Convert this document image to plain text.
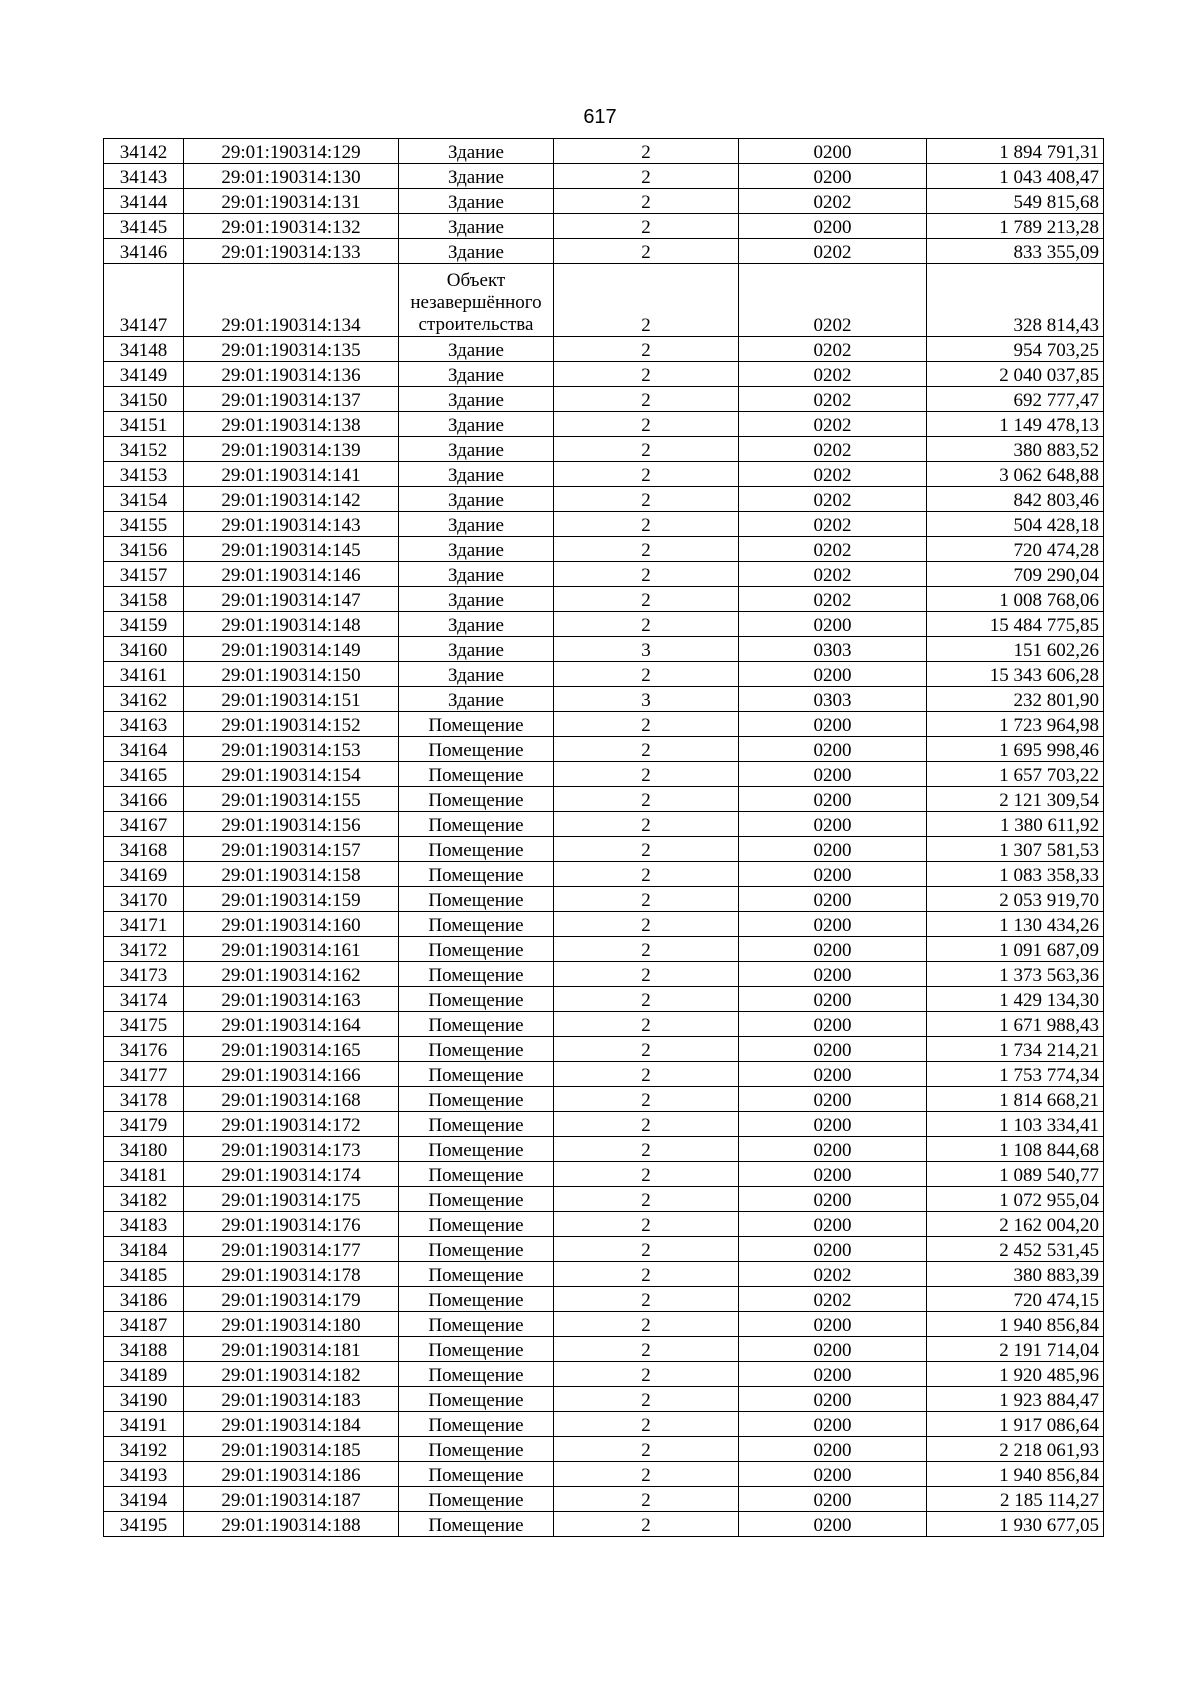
617
34142	29:01:190314:129	Здание	2	0200	1 894 791,31
34143	29:01:190314:130	Здание	2	0200	1 043 408,47
34144	29:01:190314:131	Здание	2	0202	549 815,68
34145	29:01:190314:132	Здание	2	0200	1 789 213,28
34146	29:01:190314:133	Здание	2	0202	833 355,09
34147	29:01:190314:134	Объект незавершённого строительства	2	0202	328 814,43
34148	29:01:190314:135	Здание	2	0202	954 703,25
34149	29:01:190314:136	Здание	2	0202	2 040 037,85
34150	29:01:190314:137	Здание	2	0202	692 777,47
34151	29:01:190314:138	Здание	2	0202	1 149 478,13
34152	29:01:190314:139	Здание	2	0202	380 883,52
34153	29:01:190314:141	Здание	2	0202	3 062 648,88
34154	29:01:190314:142	Здание	2	0202	842 803,46
34155	29:01:190314:143	Здание	2	0202	504 428,18
34156	29:01:190314:145	Здание	2	0202	720 474,28
34157	29:01:190314:146	Здание	2	0202	709 290,04
34158	29:01:190314:147	Здание	2	0202	1 008 768,06
34159	29:01:190314:148	Здание	2	0200	15 484 775,85
34160	29:01:190314:149	Здание	3	0303	151 602,26
34161	29:01:190314:150	Здание	2	0200	15 343 606,28
34162	29:01:190314:151	Здание	3	0303	232 801,90
34163	29:01:190314:152	Помещение	2	0200	1 723 964,98
34164	29:01:190314:153	Помещение	2	0200	1 695 998,46
34165	29:01:190314:154	Помещение	2	0200	1 657 703,22
34166	29:01:190314:155	Помещение	2	0200	2 121 309,54
34167	29:01:190314:156	Помещение	2	0200	1 380 611,92
34168	29:01:190314:157	Помещение	2	0200	1 307 581,53
34169	29:01:190314:158	Помещение	2	0200	1 083 358,33
34170	29:01:190314:159	Помещение	2	0200	2 053 919,70
34171	29:01:190314:160	Помещение	2	0200	1 130 434,26
34172	29:01:190314:161	Помещение	2	0200	1 091 687,09
34173	29:01:190314:162	Помещение	2	0200	1 373 563,36
34174	29:01:190314:163	Помещение	2	0200	1 429 134,30
34175	29:01:190314:164	Помещение	2	0200	1 671 988,43
34176	29:01:190314:165	Помещение	2	0200	1 734 214,21
34177	29:01:190314:166	Помещение	2	0200	1 753 774,34
34178	29:01:190314:168	Помещение	2	0200	1 814 668,21
34179	29:01:190314:172	Помещение	2	0200	1 103 334,41
34180	29:01:190314:173	Помещение	2	0200	1 108 844,68
34181	29:01:190314:174	Помещение	2	0200	1 089 540,77
34182	29:01:190314:175	Помещение	2	0200	1 072 955,04
34183	29:01:190314:176	Помещение	2	0200	2 162 004,20
34184	29:01:190314:177	Помещение	2	0200	2 452 531,45
34185	29:01:190314:178	Помещение	2	0202	380 883,39
34186	29:01:190314:179	Помещение	2	0202	720 474,15
34187	29:01:190314:180	Помещение	2	0200	1 940 856,84
34188	29:01:190314:181	Помещение	2	0200	2 191 714,04
34189	29:01:190314:182	Помещение	2	0200	1 920 485,96
34190	29:01:190314:183	Помещение	2	0200	1 923 884,47
34191	29:01:190314:184	Помещение	2	0200	1 917 086,64
34192	29:01:190314:185	Помещение	2	0200	2 218 061,93
34193	29:01:190314:186	Помещение	2	0200	1 940 856,84
34194	29:01:190314:187	Помещение	2	0200	2 185 114,27
34195	29:01:190314:188	Помещение	2	0200	1 930 677,05
